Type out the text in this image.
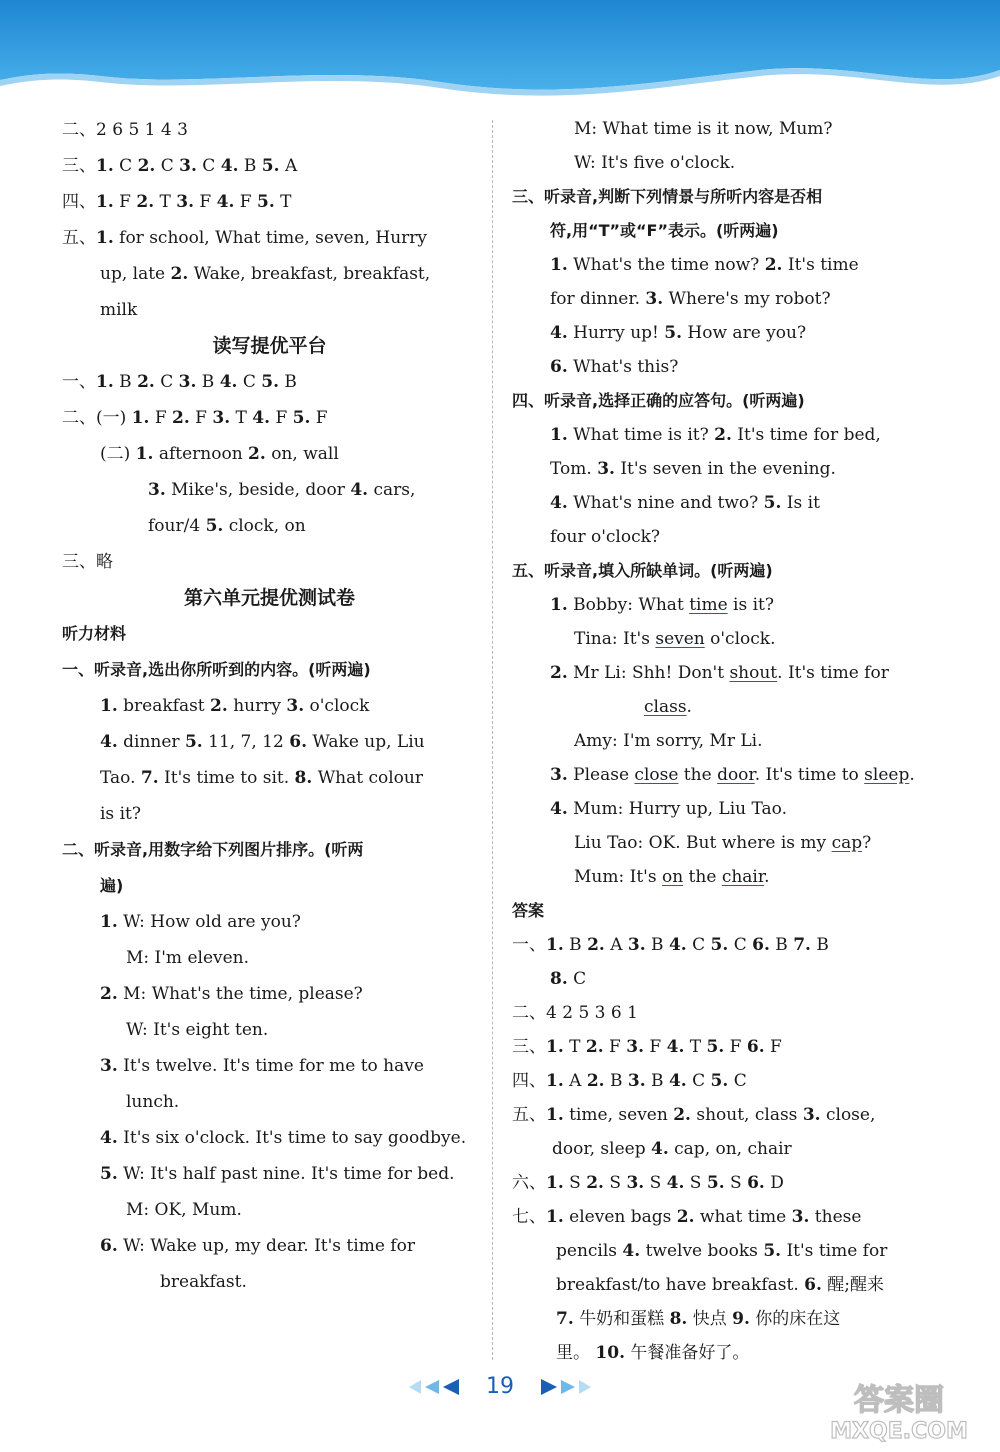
二、2 6 5 1 4 3
三、1. C 2. C 3. C 4. B 5. A
四、1. F 2. T 3. F 4. F 5. T
五、1. for school, What time, seven, Hurry
up, late 2. Wake, breakfast, breakfast,
milk
读写提优平台
一、1. B 2. C 3. B 4. C 5. B
二、(一) 1. F 2. F 3. T 4. F 5. F
(二) 1. afternoon 2. on, wall
3. Mike's, beside, door 4. cars,
four/4 5. clock, on
三、略
第六单元提优测试卷
听力材料
一、听录音,选出你所听到的内容。(听两遍)
1. breakfast 2. hurry 3. o'clock
4. dinner 5. 11, 7, 12 6. Wake up, Liu
Tao. 7. It's time to sit. 8. What colour
is it?
二、听录音,用数字给下列图片排序。(听两
遍)
1. W: How old are you?
M: I'm eleven.
2. M: What's the time, please?
W: It's eight ten.
3. It's twelve. It's time for me to have
lunch.
4. It's six o'clock. It's time to say goodbye.
5. W: It's half past nine. It's time for bed.
M: OK, Mum.
6. W: Wake up, my dear. It's time for
breakfast.
M: What time is it now, Mum?
W: It's five o'clock.
三、听录音,判断下列情景与所听内容是否相
符,用“T”或“F”表示。(听两遍)
1. What's the time now? 2. It's time
for dinner. 3. Where's my robot?
4. Hurry up! 5. How are you?
6. What's this?
四、听录音,选择正确的应答句。(听两遍)
1. What time is it? 2. It's time for bed,
Tom. 3. It's seven in the evening.
4. What's nine and two? 5. Is it
four o'clock?
五、听录音,填入所缺单词。(听两遍)
1. Bobby: What time is it?
Tina: It's seven o'clock.
2. Mr Li: Shh! Don't shout. It's time for
class.
Amy: I'm sorry, Mr Li.
3. Please close the door. It's time to sleep.
4. Mum: Hurry up, Liu Tao.
Liu Tao: OK. But where is my cap?
Mum: It's on the chair.
答案
一、1. B 2. A 3. B 4. C 5. C 6. B 7. B
8. C
二、4 2 5 3 6 1
三、1. T 2. F 3. F 4. T 5. F 6. F
四、1. A 2. B 3. B 4. C 5. C
五、1. time, seven 2. shout, class 3. close,
door, sleep 4. cap, on, chair
六、1. S 2. S 3. S 4. S 5. S 6. D
七、1. eleven bags 2. what time 3. these
pencils 4. twelve books 5. It's time for
breakfast/to have breakfast. 6. 醒;醒来
7. 牛奶和蛋糕 8. 快点 9. 你的床在这
里。 10. 午餐准备好了。
19	答案圈
MXQE.COM
